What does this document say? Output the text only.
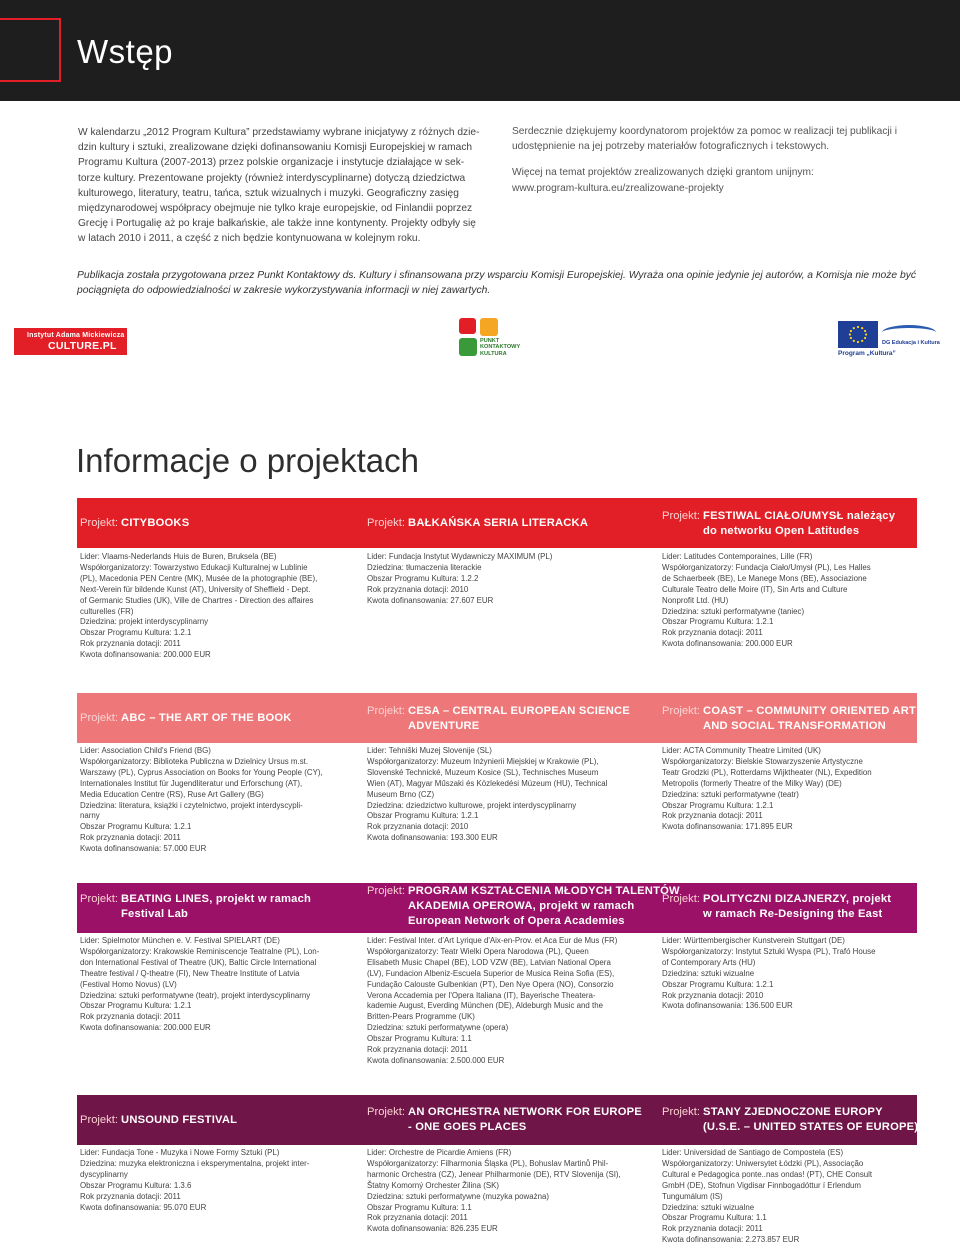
Wstęp

W kalendarzu „2012 Program Kultura” przedstawiamy wybrane inicjatywy z różnych dzie-

dzin kultury i sztuki, zrealizowane dzięki dofinansowaniu Komisji Europejskiej w ramach

Programu Kultura (2007-2013) przez polskie organizacje i instytucje działające w sek-

torze kultury. Prezentowane projekty (również interdyscyplinarne) dotyczą dziedzictwa

kulturowego, literatury, teatru, tańca, sztuk wizualnych i muzyki. Geograficzny zasięg

międzynarodowej współpracy obejmuje nie tylko kraje europejskie, od Finlandii poprzez

Grecję i Portugalię aż po kraje bałkańskie, ale także inne kontynenty. Projekty odbyły się

w latach 2010 i 2011, a część z nich będzie kontynuowana w kolejnym roku.

Serdecznie dziękujemy koordynatorom projektów za pomoc w realizacji tej publikacji i udostępnienie na jej potrzeby materiałów fotograficznych i tekstowych.

Więcej na temat projektów zrealizowanych dzięki grantom unijnym:

www.program-kultura.eu/zrealizowane-projekty

Publikacja została przygotowana przez Punkt Kontaktowy ds. Kultury i sfinansowana przy wsparciu Komisji Europejskiej. Wyraża ona opinie jedynie jej autorów, a Komisja nie może być pociągnięta do odpowiedzialności w zakresie wykorzystywania informacji w niej zawartych.
Instytut Adama Mickiewicza
CULTURE.PL	PUNKT
KONTAKTOWY
KULTURA
DG Edukacja i Kultura
Program „Kultura”
Informacje o projektach
Projekt: CITYBOOKS	Projekt: BAŁKAŃSKA SERIA LITERACKA
Projekt: FESTIWAL CIAŁO/UMYSŁ należący
do networku Open Latitudes

Lider: Vlaams-Nederlands Huis de Buren, Bruksela (BE)

Współorganizatorzy: Towarzystwo Edukacji Kulturalnej w Lublinie

(PL), Macedonia PEN Centre (MK), Musée de la photographie (BE),

Next-Verein für bildende Kunst (AT), University of Sheffield - Dept.

of Germanic Studies (UK), Ville de Chartres - Direction des affaires

culturelles (FR)

Dziedzina: projekt interdyscyplinarny

Obszar Programu Kultura: 1.2.1

Rok przyznania dotacji: 2011

Kwota dofinansowania: 200.000 EUR

Lider: Fundacja Instytut Wydawniczy MAXIMUM (PL)

Dziedzina: tłumaczenia literackie

Obszar Programu Kultura: 1.2.2

Rok przyznania dotacji: 2010

Kwota dofinansowania: 27.607 EUR

Lider: Latitudes Contemporaines, Lille (FR)

Współorganizatorzy: Fundacja Ciało/Umysł (PL), Les Halles

de Schaerbeek (BE), Le Manege Mons (BE), Associazione

Culturale Teatro delle Moire (IT), Sin Arts and Culture

Nonprofit Ltd. (HU)

Dziedzina: sztuki performatywne (taniec)

Obszar Programu Kultura: 1.2.1

Rok przyznania dotacji: 2011

Kwota dofinansowania: 200.000 EUR

Projekt: ABC – THE ART OF THE BOOK
Projekt: CESA – CENTRAL EUROPEAN SCIENCE
ADVENTURE
Projekt: COAST – COMMUNITY ORIENTED ART
AND SOCIAL TRANSFORMATION

Lider: Association Child's Friend (BG)

Współorganizatorzy: Biblioteka Publiczna w Dzielnicy Ursus m.st.

Warszawy (PL), Cyprus Association on Books for Young People (CY),

Internationales Institut für Jugendliteratur und Erforschung (AT),

Media Education Centre (RS), Ruse Art Gallery (BG)

Dziedzina: literatura, książki i czytelnictwo, projekt interdyscypli-

narny

Obszar Programu Kultura: 1.2.1

Rok przyznania dotacji: 2011

Kwota dofinansowania: 57.000 EUR

Lider: Tehniški Muzej Slovenije (SL)

Współorganizatorzy: Muzeum Inżynierii Miejskiej w Krakowie (PL),

Slovenské Technické, Muzeum Kosice (SL), Technisches Museum

Wien (AT), Magyar Műszaki és Közlekedési Múzeum (HU), Technical

Museum Brno (CZ)

Dziedzina: dziedzictwo kulturowe, projekt interdyscyplinarny

Obszar Programu Kultura: 1.2.1

Rok przyznania dotacji: 2010

Kwota dofinansowania: 193.300 EUR

Lider: ACTA Community Theatre Limited (UK)

Współorganizatorzy: Bielskie Stowarzyszenie Artystyczne

Teatr Grodzki (PL), Rotterdams Wijktheater (NL), Expedition

Metropolis (formerly Theatre of the Milky Way) (DE)

Dziedzina: sztuki performatywne (teatr)

Obszar Programu Kultura: 1.2.1

Rok przyznania dotacji: 2011

Kwota dofinansowania: 171.895 EUR

Projekt: BEATING LINES, projekt w ramach
Festival Lab
Projekt: PROGRAM KSZTAŁCENIA MŁODYCH TALENTÓW
AKADEMIA OPEROWA, projekt w ramach
European Network of Opera Academies
Projekt: POLITYCZNI DIZAJNERZY, projekt
w ramach Re-Designing the East

Lider: Spielmotor München e. V. Festival SPIELART (DE)

Współorganizatorzy: Krakowskie Reminiscencje Teatralne (PL), Lon-

don International Festival of Theatre (UK), Baltic Circle International

Theatre festival / Q-theatre (FI), New Theatre Institute of Latvia

(Festival Homo Novus) (LV)

Dziedzina: sztuki performatywne (teatr), projekt interdyscyplinarny

Obszar Programu Kultura: 1.2.1

Rok przyznania dotacji: 2011

Kwota dofinansowania: 200.000 EUR

Lider: Festival Inter. d'Art Lyrique d'Aix-en-Prov. et Aca Eur de Mus (FR)

Współorganizatorzy: Teatr Wielki Opera Narodowa (PL), Queen

Elisabeth Music Chapel (BE), LOD VZW (BE), Latvian National Opera

(LV), Fundacion Albeniz-Escuela Superior de Musica Reina Sofia (ES),

Fundação Calouste Gulbenkian (PT), Den Nye Opera (NO), Consorzio

Verona Accademia per l'Opera Italiana (IT), Bayerische Theatera-

kademie August, Everding München (DE), Aldeburgh Music and the

Britten-Pears Programme (UK)

Dziedzina: sztuki performatywne (opera)

Obszar Programu Kultura: 1.1

Rok przyznania dotacji: 2011

Kwota dofinansowania: 2.500.000 EUR

Lider: Württembergischer Kunstverein Stuttgart (DE)

Współorganizatorzy: Instytut Sztuki Wyspa (PL), Trafó House

of Contemporary Arts (HU)

Dziedzina: sztuki wizualne

Obszar Programu Kultura: 1.2.1

Rok przyznania dotacji: 2010

Kwota dofinansowania: 136.500 EUR

Projekt: UNSOUND FESTIVAL
Projekt: AN ORCHESTRA NETWORK FOR EUROPE
- ONE GOES PLACES
Projekt: STANY ZJEDNOCZONE EUROPY
(U.S.E. – UNITED STATES OF EUROPE)

Lider: Fundacja Tone - Muzyka i Nowe Formy Sztuki (PL)

Dziedzina: muzyka elektroniczna i eksperymentalna, projekt inter-

dyscyplinarny

Obszar Programu Kultura: 1.3.6

Rok przyznania dotacji: 2011

Kwota dofinansowania: 95.070 EUR

Lider: Orchestre de Picardie Amiens (FR)

Współorganizatorzy: Filharmonia Śląska (PL), Bohuslav Martinů Phil-

harmonic Orchestra (CZ), Jenear Philharmonie (DE), RTV Slovenija (SI),

Štatny Komorný Orchester Žilina (SK)

Dziedzina: sztuki performatywne (muzyka poważna)

Obszar Programu Kultura: 1.1

Rok przyznania dotacji: 2011

Kwota dofinansowania: 826.235 EUR

Lider: Universidad de Santiago de Compostela (ES)

Współorganizatorzy: Uniwersytet Łódzki (PL), Associação

Cultural e Pedagogica ponte..nas ondas! (PT), CHE Consult

GmbH (DE), Stofnun Vigdisar Finnbogadóttur í Erlendum

Tungumálum (IS)

Dziedzina: sztuki wizualne

Obszar Programu Kultura: 1.1

Rok przyznania dotacji: 2011

Kwota dofinansowania: 2.273.857 EUR
